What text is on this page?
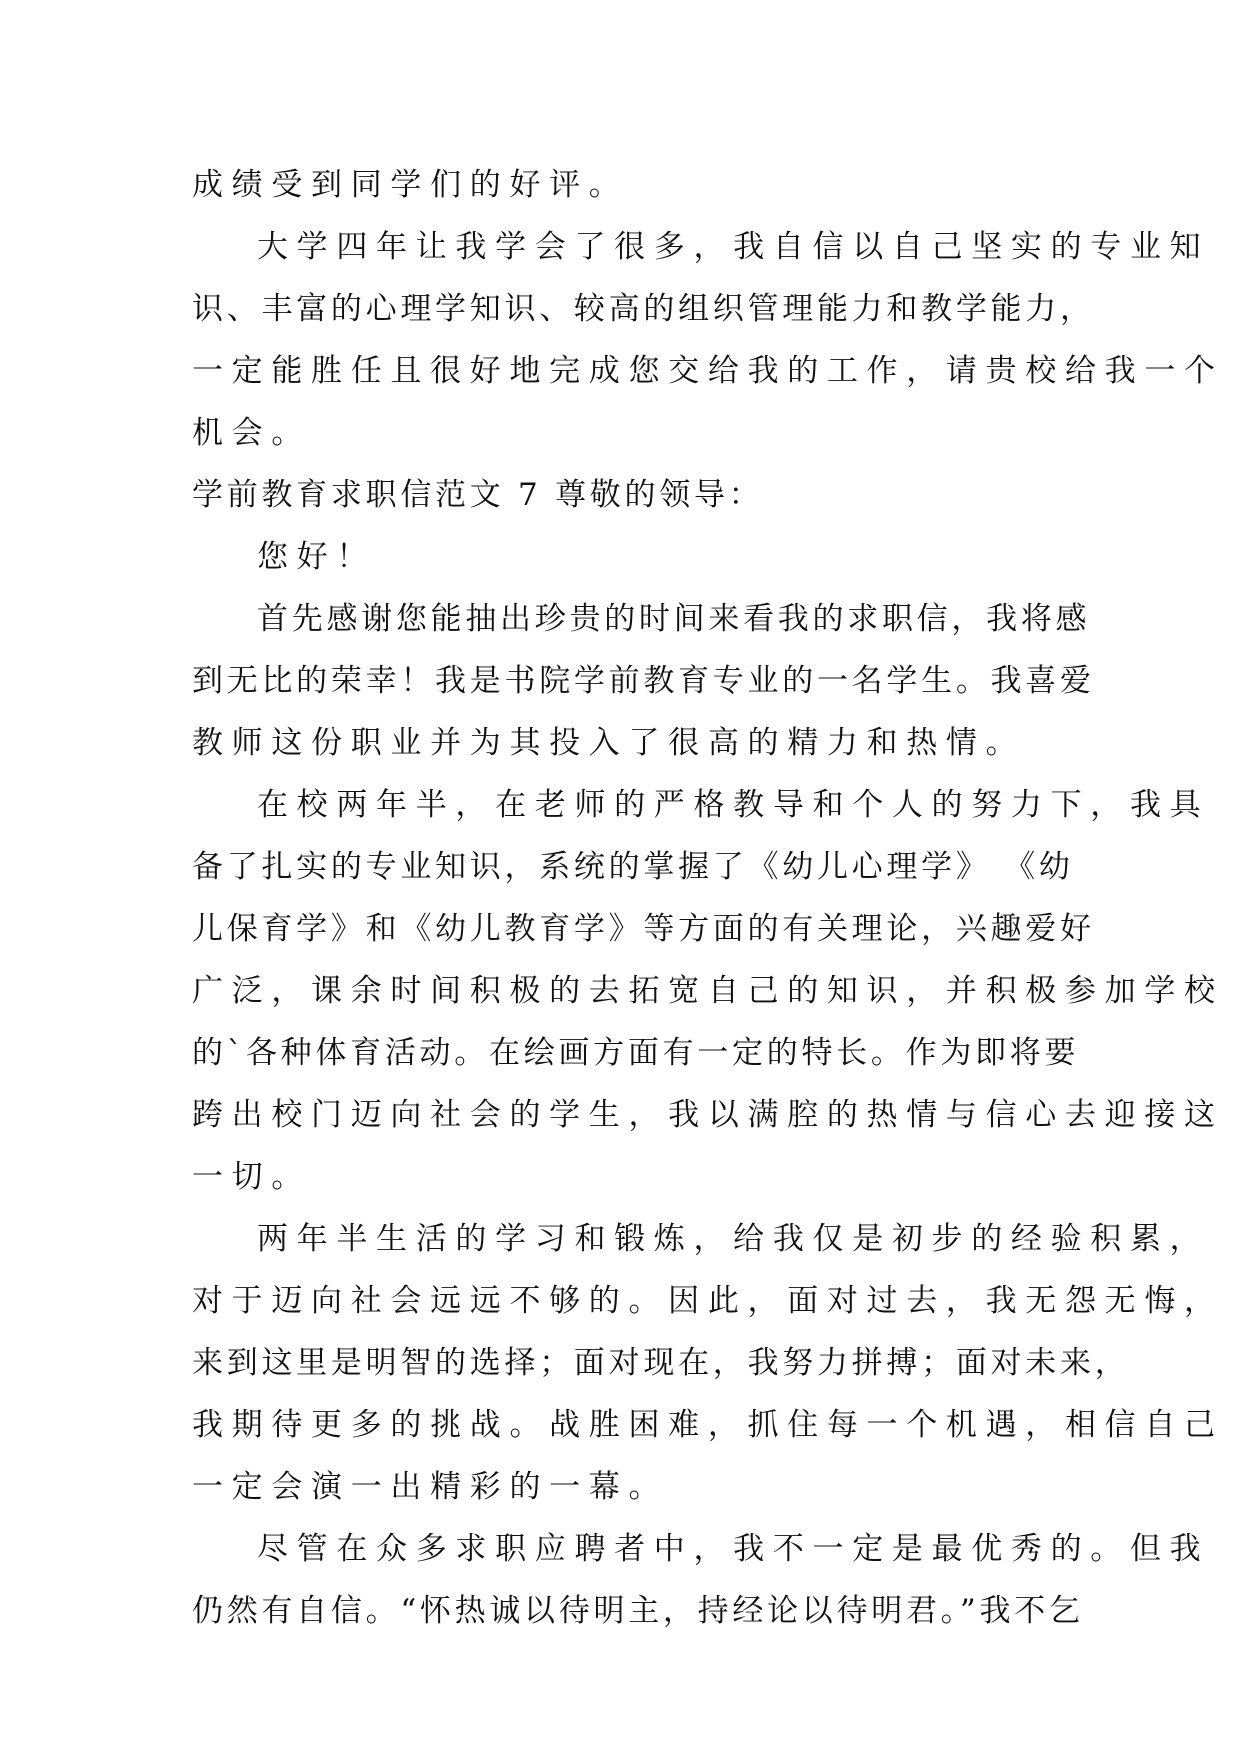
成绩受到同学们的好评。
大学四年让我学会了很多，我自信以自己坚实的专业知
识、丰富的心理学知识、较高的组织管理能力和教学能力，
一定能胜任且很好地完成您交给我的工作，请贵校给我一个
机会。
学前教育求职信范文 7 尊敬的领导：
您好！
首先感谢您能抽出珍贵的时间来看我的求职信，我将感
到无比的荣幸！我是书院学前教育专业的一名学生。我喜爱
教师这份职业并为其投入了很高的精力和热情。
在校两年半，在老师的严格教导和个人的努力下，我具
备了扎实的专业知识，系统的掌握了《幼儿心理学》 《幼
儿保育学》和《幼儿教育学》等方面的有关理论，兴趣爱好
广泛，课余时间积极的去拓宽自己的知识，并积极参加学校
的`各种体育活动。在绘画方面有一定的特长。作为即将要
跨出校门迈向社会的学生，我以满腔的热情与信心去迎接这
一切。
两年半生活的学习和锻炼，给我仅是初步的经验积累，
对于迈向社会远远不够的。因此，面对过去，我无怨无悔，
来到这里是明智的选择；面对现在，我努力拼搏；面对未来，
我期待更多的挑战。战胜困难，抓住每一个机遇，相信自己
一定会演一出精彩的一幕。
尽管在众多求职应聘者中，我不一定是最优秀的。但我
仍然有自信。“怀热诚以待明主，持经论以待明君。”我不乞
